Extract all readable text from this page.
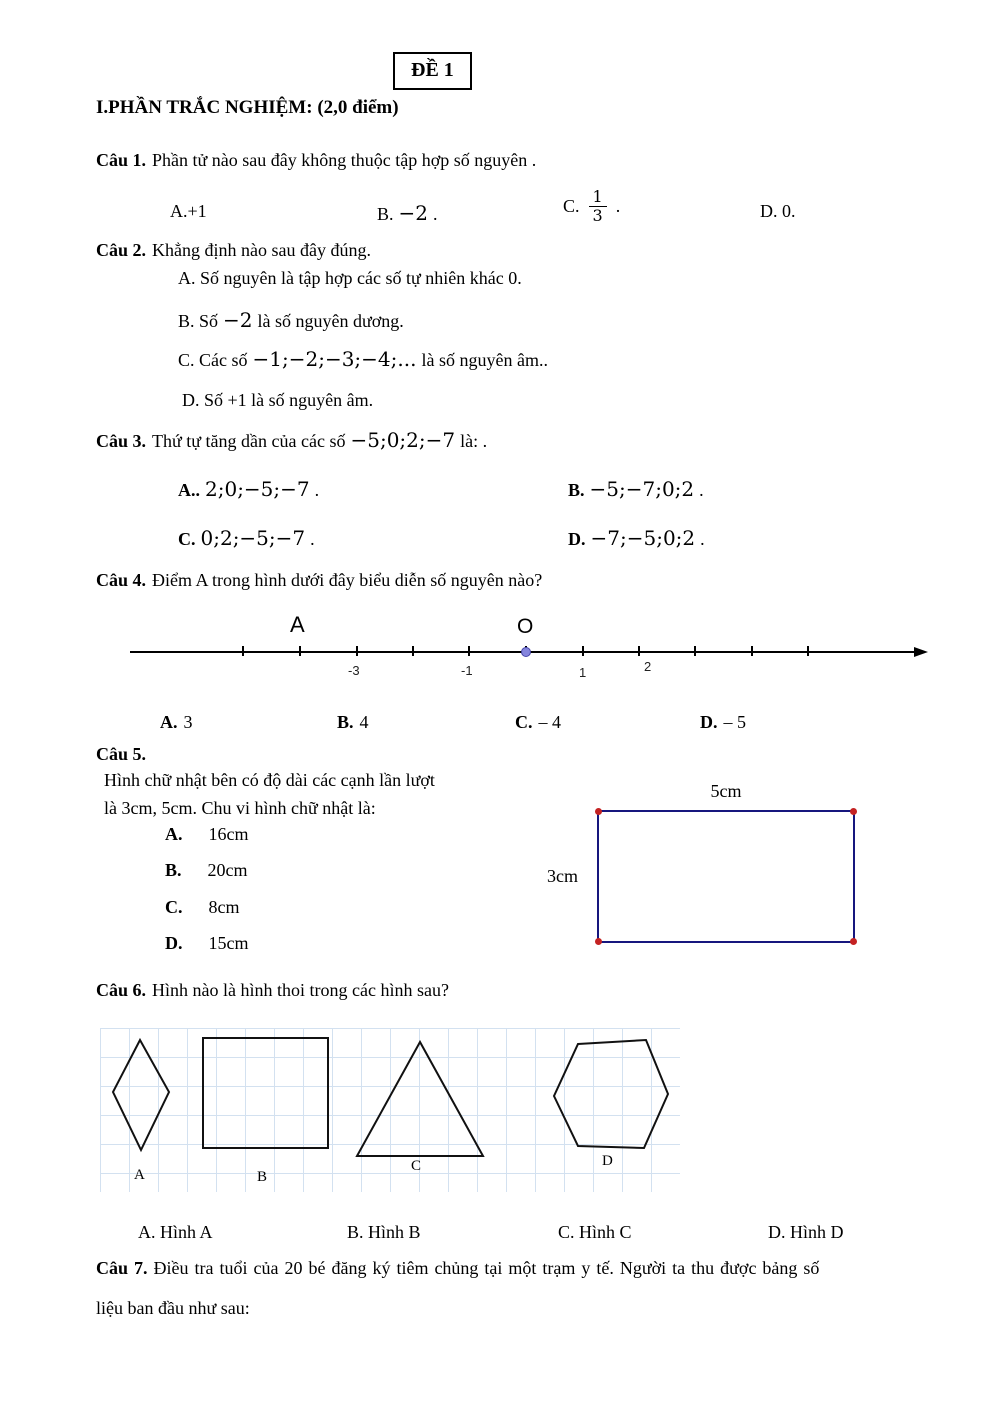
ĐỀ 1
I.PHẦN TRẮC NGHIỆM: (2,0 điểm)
Câu 1. Phần tử nào sau đây không thuộc tập hợp số nguyên .
A.+1	B. −2 .	C. $\frac{1}{3}$ .	D. 0.
Câu 2. Khẳng định nào sau đây đúng.
A. Số nguyên là tập hợp các số tự nhiên khác 0.
B. Số −2 là số nguyên dương.
C. Các số −1;−2;−3;−4;... là số nguyên âm..
D. Số +1 là số nguyên âm.
Câu 3. Thứ tự tăng dần của các số −5;0;2;−7 là: .
A.. 2;0;−5;−7 .	B. −5;−7;0;2 .
C. 0;2;−5;−7 .	D. −7;−5;0;2 .
Câu 4. Điểm A trong hình dưới đây biểu diễn số nguyên nào?
A	O
-3	-1	1	2
A. 3	B. 4	C. – 4	D. – 5
Câu 5.
Hình chữ nhật bên có độ dài các cạnh lần lượt
là 3cm, 5cm. Chu vi hình chữ nhật là:
A. 16cm
B. 20cm
C. 8cm
D. 15cm
5cm
3cm
Câu 6. Hình nào là hình thoi trong các hình sau?
A	B
C	D
A. Hình A	B. Hình B	C. Hình C	D. Hình D
Câu 7. Điều tra tuổi của 20 bé đăng ký tiêm chủng tại một trạm y tế. Người ta thu được bảng số
liệu ban đầu như sau:
